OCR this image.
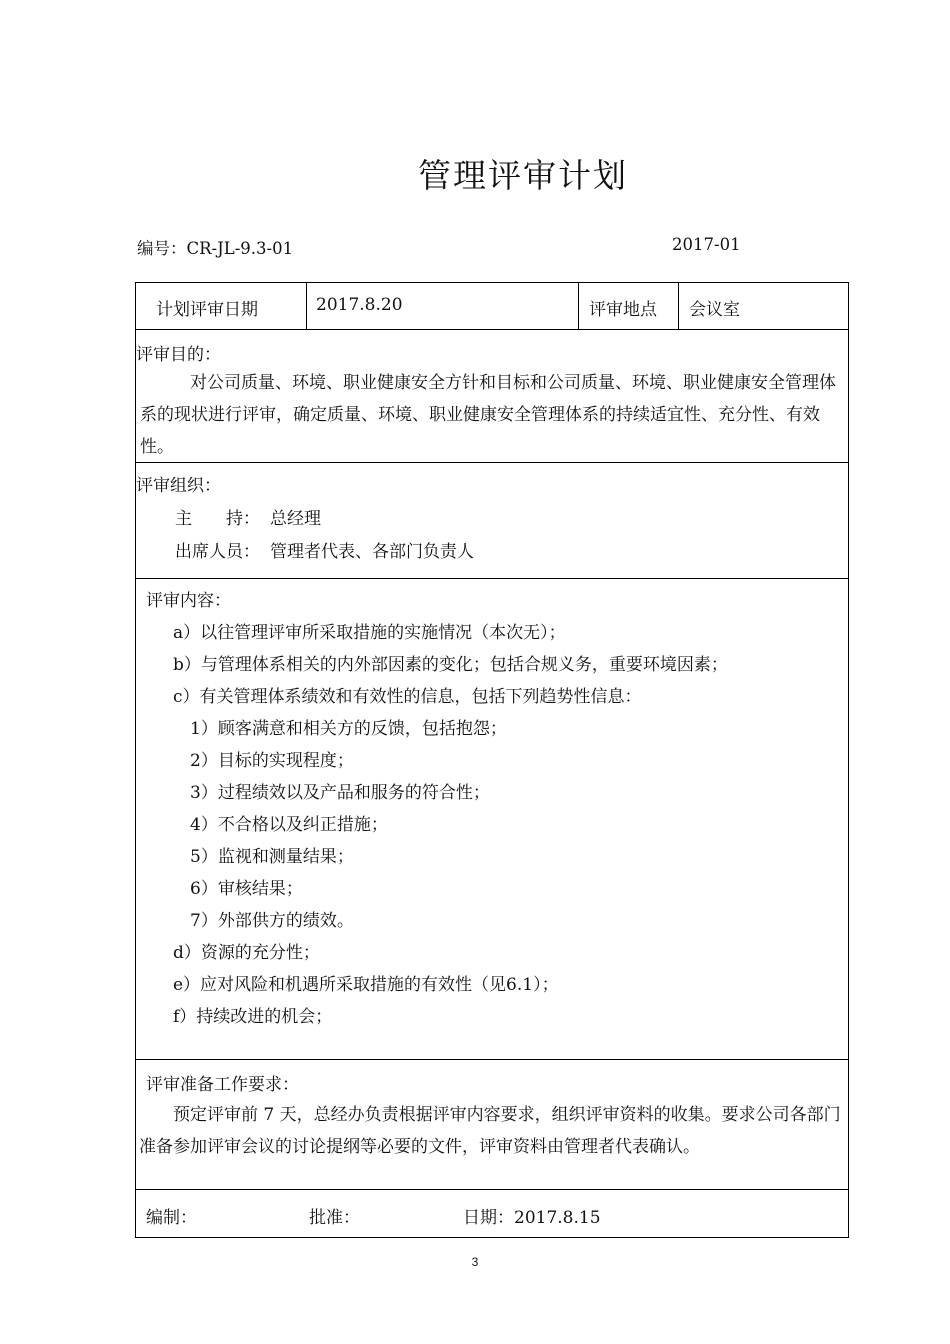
管理评审计划
编号：CR-JL-9.3-01	2017-01
计划评审日期	2017.8.20	评审地点 会议室
评审目的：
对公司质量、环境、职业健康安全方针和目标和公司质量、环境、职业健康安全管理体系的现状进行评审，确定质量、环境、职业健康安全管理体系的持续适宜性、充分性、有效性。
评审组织：
主　　持： 总经理
出席人员： 管理者代表、各部门负责人
评审内容：
a）以往管理评审所采取措施的实施情况（本次无）；
b）与管理体系相关的内外部因素的变化；包括合规义务，重要环境因素；
c）有关管理体系绩效和有效性的信息，包括下列趋势性信息：
1）顾客满意和相关方的反馈，包括抱怨；
2）目标的实现程度；
3）过程绩效以及产品和服务的符合性；
4）不合格以及纠正措施；
5）监视和测量结果；
6）审核结果；
7）外部供方的绩效。
d）资源的充分性；
e）应对风险和机遇所采取措施的有效性（见6.1）；
f）持续改进的机会；
评审准备工作要求：
预定评审前 7 天，总经办负责根据评审内容要求，组织评审资料的收集。要求公司各部门准备参加评审会议的讨论提纲等必要的文件，评审资料由管理者代表确认。
编制：	批准：	日期：2017.8.15
3
